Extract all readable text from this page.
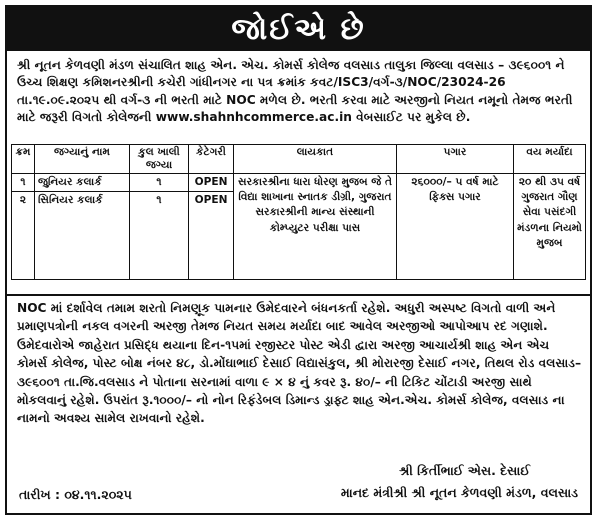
જોઈએ છે
શ્રી નૂતન કેળવણી મંડળ સંચાલિત શાહ એન. એચ. કોમર્સ કોલેજ વલસાડ તાલુકા જિલ્લા વલસાડ – ૩૯૬૦૦૧ ને ઉચ્ચ શિક્ષણ કમિશનરશ્રીની કચેરી ગાંધીનગર ના પત્ર ક્રમાંક કવટ/ISC3/વર્ગ-૩/NOC/23024-26 તા.૧૯.૦૯.૨૦૨૫ થી વર્ગ-૩ ની ભરતી માટે NOC મળેલ છે. ભરતી કરવા માટે અરજીનો નિયત નમૂનો તેમજ ભરતી માટે જરૂરી વિગતો કોલેજની www.shahnhcommerce.ac.in વેબસાઈટ પર મુકેલ છે.
ક્રમ	જગ્યાનું નામ	કુલ ખાલી જગ્યા	કેટેગરી	લાયકાત	પગાર	વય મર્યાદા
૧	જુનિયર કલાર્ક	૧	OPEN	સરકારશ્રીના ધારા ધોરણ મુજબ જે તે વિદ્યા શાખાના સ્નાતક ડીગ્રી, ગુજરાત સરકારશ્રીની માન્ય સંસ્થાની કોમ્પ્યુટર પરીક્ષા પાસ	૨૬૦૦૦/– ૫ વર્ષ માટે ફિક્સ પગાર	૨૦ થી ૩૫ વર્ષ ગુજરાત ગૌણ સેવા પસંદગી મંડળના નિયમો મુજબ
૨	સિનિયર કલાર્ક	૧	OPEN			
NOC માં દર્શાવેલ તમામ શરતો નિમણૂક પામનાર ઉમેદવારને બંધનકર્તા રહેશે. અધુરી અસ્પષ્ટ વિગતો વાળી અને પ્રમાણપત્રોની નકલ વગરની અરજી તેમજ નિયત સમય મર્યાદા બાદ આવેલ અરજીઓ આપોઆપ રદ ગણાશે. ઉમેદવારોએ જાહેરાત પ્રસિદ્ધ થયાના દિન-૧૫માં રજીસ્ટર પોસ્ટ એડી દ્વારા અરજી આચાર્યશ્રી શાહ એન એચ કોમર્સ કોલેજ, પોસ્ટ બોક્ષ નંબર ૪૮, ડો.મોંઘાભાઈ દેસાઈ વિદ્યાસંકુલ, શ્રી મોરારજી દેસાઈ નગર, તિથલ રોડ વલસાડ–૩૯૬૦૦૧ તા.જિ.વલસાડ ને પોતાના સરનામાં વાળા ૯ × ૪ નું કવર રૂ. ૪૦/– ની ટિકિટ ચોંટાડી અરજી સાથે મોકલવાનું રહેશે. ઉપરાંત રૂ.૧૦૦૦/– નો નોન રિફંડેબલ ડિમાન્ડ ડ્રાફ્ટ શાહ એન.એચ. કોમર્સ કોલેજ, વલસાડ ના નામનો અવશ્ય સામેલ રાખવાનો રહેશે.
શ્રી કિર્તીભાઈ એસ. દેસાઈ
તારીખ : ૦૪.૧૧.૨૦૨૫	માનદ મંત્રીશ્રી શ્રી નૂતન કેળવણી મંડળ, વલસાડ
